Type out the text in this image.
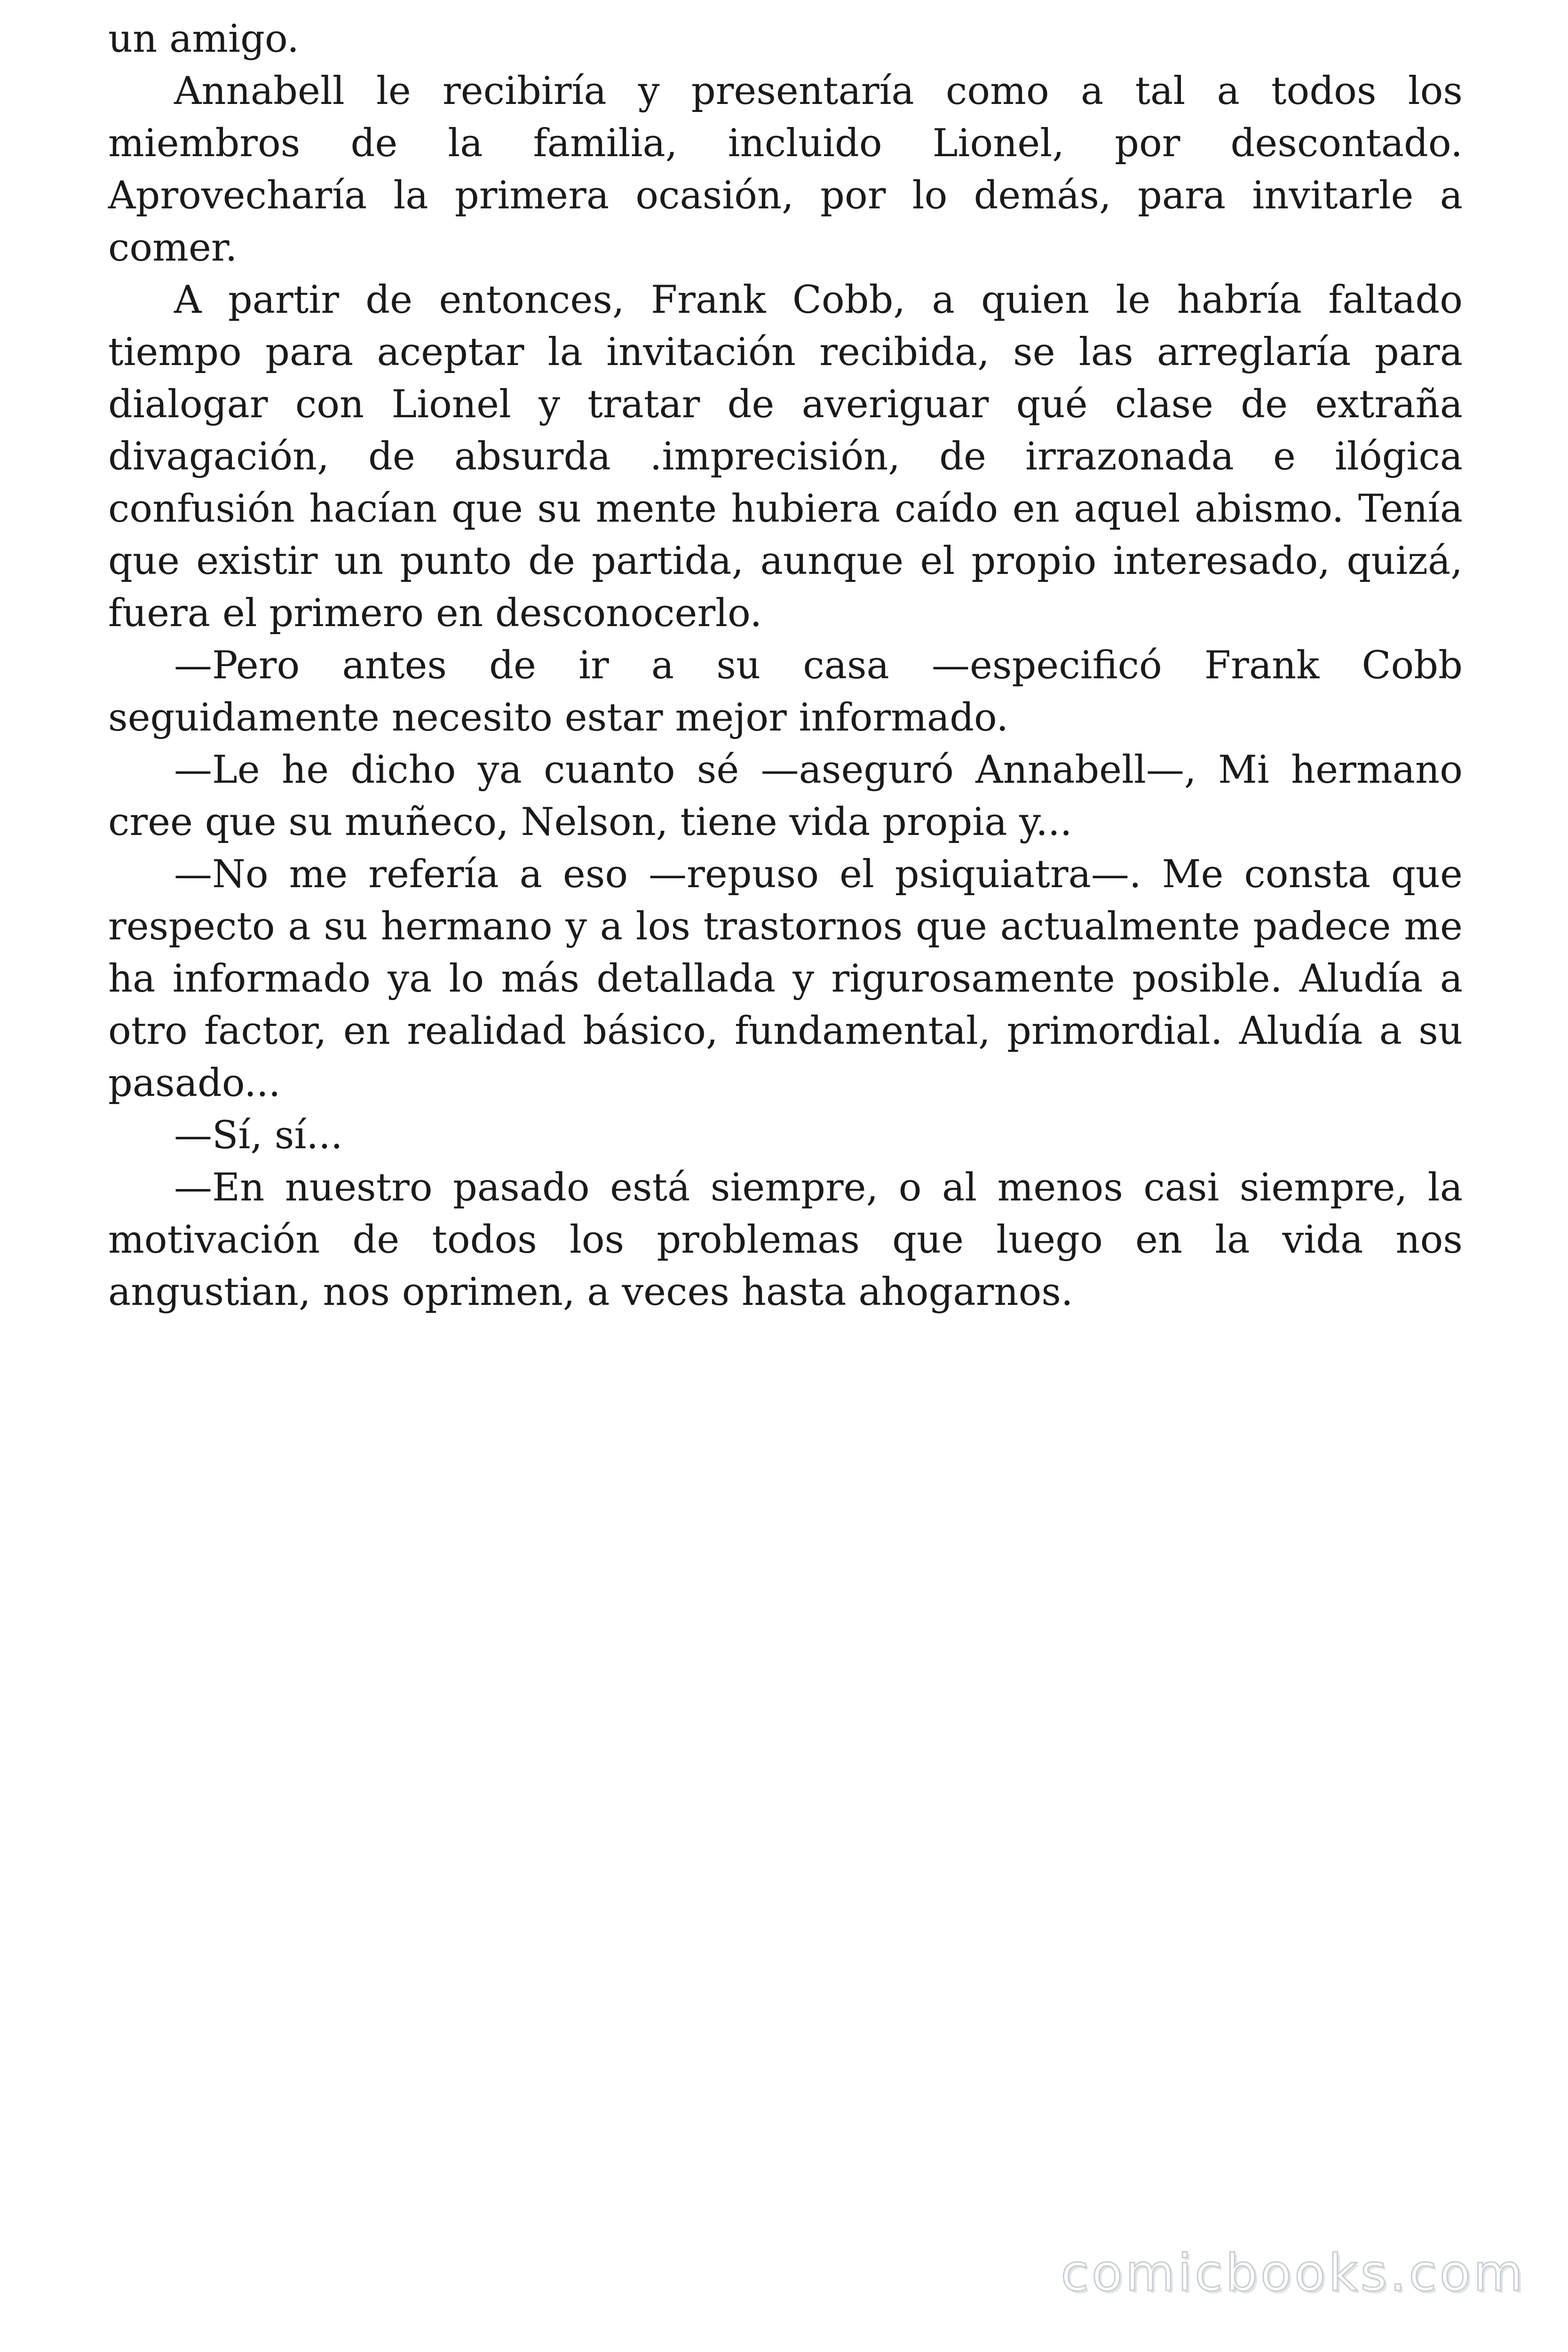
un amigo.

Annabell le recibiría y presentaría como a tal a todos los miembros de la familia, incluido Lionel, por descontado. Aprovecharía la primera ocasión, por lo demás, para invitarle a comer.

A partir de entonces, Frank Cobb, a quien le habría faltado tiempo para aceptar la invitación recibida, se las arreglaría para dialogar con Lionel y tratar de averiguar qué clase de extraña divagación, de absurda .imprecisión, de irrazonada e ilógica confusión hacían que su mente hubiera caído en aquel abismo. Tenía que existir un punto de partida, aunque el propio interesado, quizá, fuera el primero en desconocerlo.

—Pero antes de ir a su casa —especificó Frank Cobb seguidamente necesito estar mejor informado.

—Le he dicho ya cuanto sé —aseguró Annabell—, Mi hermano cree que su muñeco, Nelson, tiene vida propia y...

—No me refería a eso —repuso el psiquiatra—. Me consta que respecto a su hermano y a los trastornos que actualmente padece me ha informado ya lo más detallada y rigurosamente posible. Aludía a otro factor, en realidad básico, fundamental, primordial. Aludía a su pasado...

—Sí, sí...

—En nuestro pasado está siempre, o al menos casi siempre, la motivación de todos los problemas que luego en la vida nos angustian, nos oprimen, a veces hasta ahogarnos.

comicbooks.com
